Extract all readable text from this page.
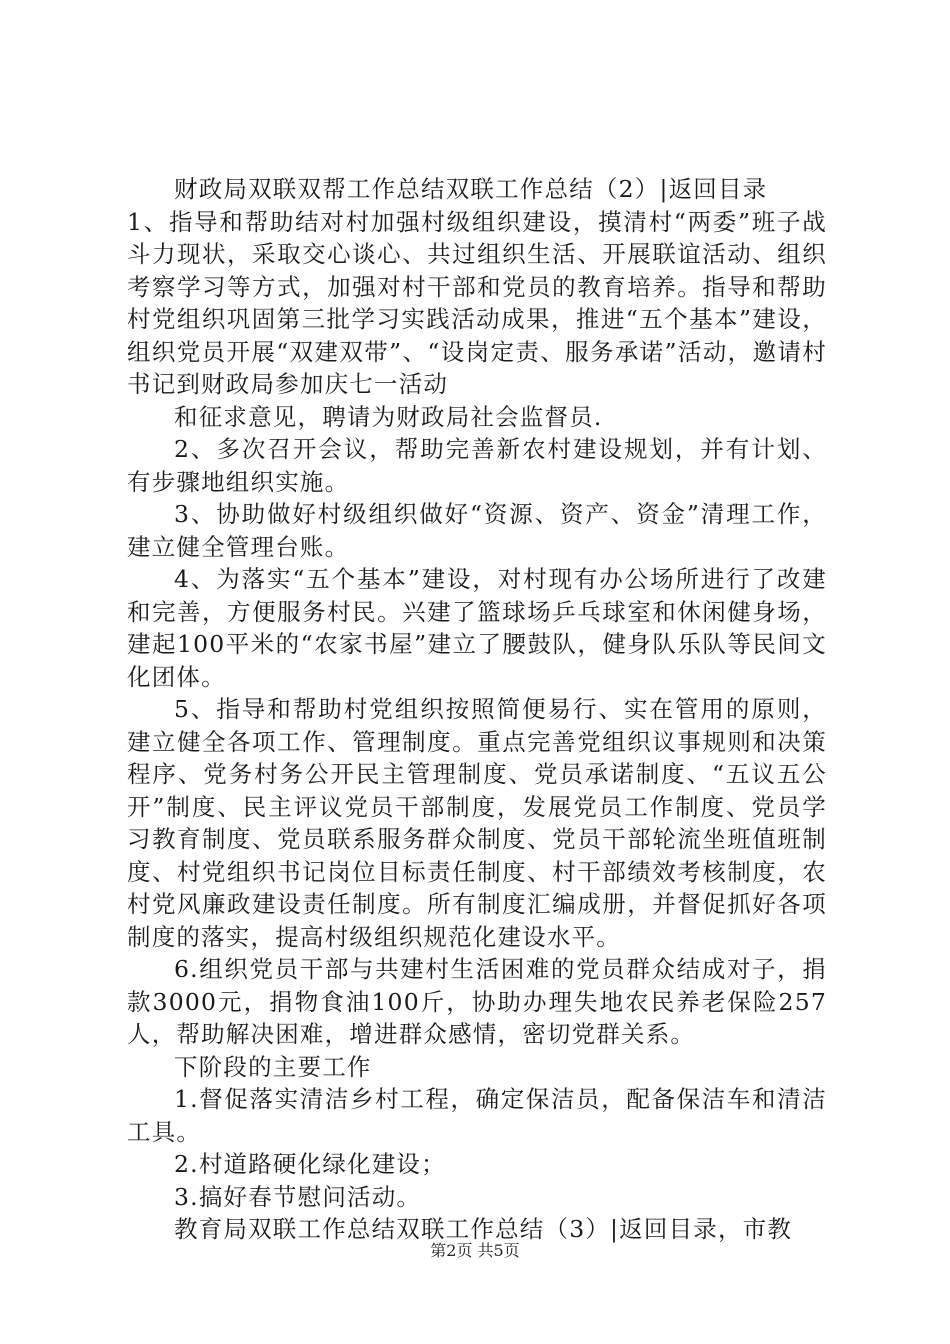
财政局双联双帮工作总结双联工作总结（2）|返回目录

1、指导和帮助结对村加强村级组织建设，摸清村“两委”班子战斗力现状，采取交心谈心、共过组织生活、开展联谊活动、组织考察学习等方式，加强对村干部和党员的教育培养。指导和帮助村党组织巩固第三批学习实践活动成果，推进“五个基本”建设，组织党员开展“双建双带”、“设岗定责、服务承诺”活动，邀请村书记到财政局参加庆七一活动

和征求意见，聘请为财政局社会监督员.

2、多次召开会议，帮助完善新农村建设规划，并有计划、有步骤地组织实施。

3、协助做好村级组织做好“资源、资产、资金”清理工作，建立健全管理台账。

4、为落实“五个基本”建设，对村现有办公场所进行了改建和完善，方便服务村民。兴建了篮球场乒乓球室和休闲健身场，建起100平米的“农家书屋”建立了腰鼓队，健身队乐队等民间文化团体。

5、指导和帮助村党组织按照简便易行、实在管用的原则，建立健全各项工作、管理制度。重点完善党组织议事规则和决策程序、党务村务公开民主管理制度、党员承诺制度、“五议五公开”制度、民主评议党员干部制度，发展党员工作制度、党员学习教育制度、党员联系服务群众制度、党员干部轮流坐班值班制度、村党组织书记岗位目标责任制度、村干部绩效考核制度，农村党风廉政建设责任制度。所有制度汇编成册，并督促抓好各项制度的落实，提高村级组织规范化建设水平。

6.组织党员干部与共建村生活困难的党员群众结成对子，捐款3000元，捐物食油100斤，协助办理失地农民养老保险257人，帮助解决困难，增进群众感情，密切党群关系。

下阶段的主要工作

1.督促落实清洁乡村工程，确定保洁员，配备保洁车和清洁工具。

2.村道路硬化绿化建设；

3.搞好春节慰问活动。

教育局双联工作总结双联工作总结（3）|返回目录，市教

第2页 共5页
